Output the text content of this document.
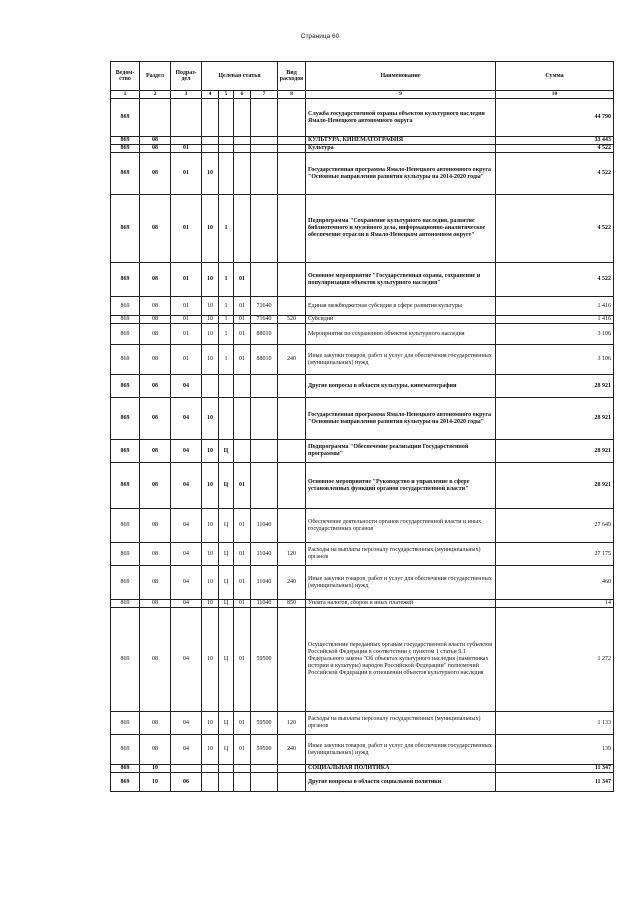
Страница 60
Ведом-
ство	Раздел	Подраз-
дел	Целевая статья				Вид
расходов	Наименование	Сумма
1	2	3	4	5	6	7	8	9	10
869								Служба государственной охраны объектов культурного наследия Ямало-Ненецкого автономного округа	44 790
869	08							КУЛЬТУРА, КИНЕМАТОГРАФИЯ	33 443
869	08	01						Культура	4 522
869	08	01	10					Государственная программа Ямало-Ненецкого автономного округа "Основные направления развития культуры на 2014-2020 годы"	4 522
869	08	01	10	1				Подпрограмма "Сохранение культурного наследия, развитие библиотечного и музейного дела, информационно-аналитическое обеспечение отрасли в Ямало-Ненецком автономном округе"	4 522
869	08	01	10	1	01			Основное мероприятие "Государственная охрана, сохранение и популяризация объектов культурного наследия"	4 522
869	08	01	10	1	01	71640		Единая межбюджетная субсидия в сфере развития культуры	1 416
869	08	01	10	1	01	71640	520	Субсидии	1 416
869	08	01	10	1	01	88010		Мероприятия по сохранению объектов культурного наследия	3 106
869	08	01	10	1	01	88010	240	Иные закупки товаров, работ и услуг для обеспечения государственных (муниципальных) нужд	3 106
869	08	04						Другие вопросы в области культуры, кинематографии	28 921
869	08	04	10					Государственная программа Ямало-Ненецкого автономного округа "Основные направления развития культуры на 2014-2020 годы"	28 921
869	08	04	10	Ц				Подпрограмма "Обеспечение реализации Государственной программы"	28 921
869	08	04	10	Ц	01			Основное мероприятие "Руководство и управление в сфере установленных функций органов государственной власти"	28 921
869	08	04	10	Ц	01	11040		Обеспечение деятельности органов государственной власти и иных государственных органов	27 649
869	08	04	10	Ц	01	11040	120	Расходы на выплаты персоналу государственных (муниципальных) органов	27 175
869	08	04	10	Ц	01	11040	240	Иные закупки товаров, работ и услуг для обеспечения государственных (муниципальных) нужд	460
869	08	04	10	Ц	01	11040	850	Уплата налогов, сборов и иных платежей	14
869	08	04	10	Ц	01	59500		Осуществление переданных органам государственной власти субъектов Российской Федерации в соответствии с пунктом 1 статьи 9.1 Федерального закона "Об объектах культурного наследия (памятниках истории и культуры) народов Российской Федерации" полномочий Российской Федерации в отношении объектов культурного наследия	1 272
869	08	04	10	Ц	01	59500	120	Расходы на выплаты персоналу государственных (муниципальных) органов	1 133
869	08	04	10	Ц	01	59500	240	Иные закупки товаров, работ и услуг для обеспечения государственных (муниципальных) нужд	139
869	10							СОЦИАЛЬНАЯ ПОЛИТИКА	11 347
869	10	06						Другие вопросы в области социальной политики	11 347
